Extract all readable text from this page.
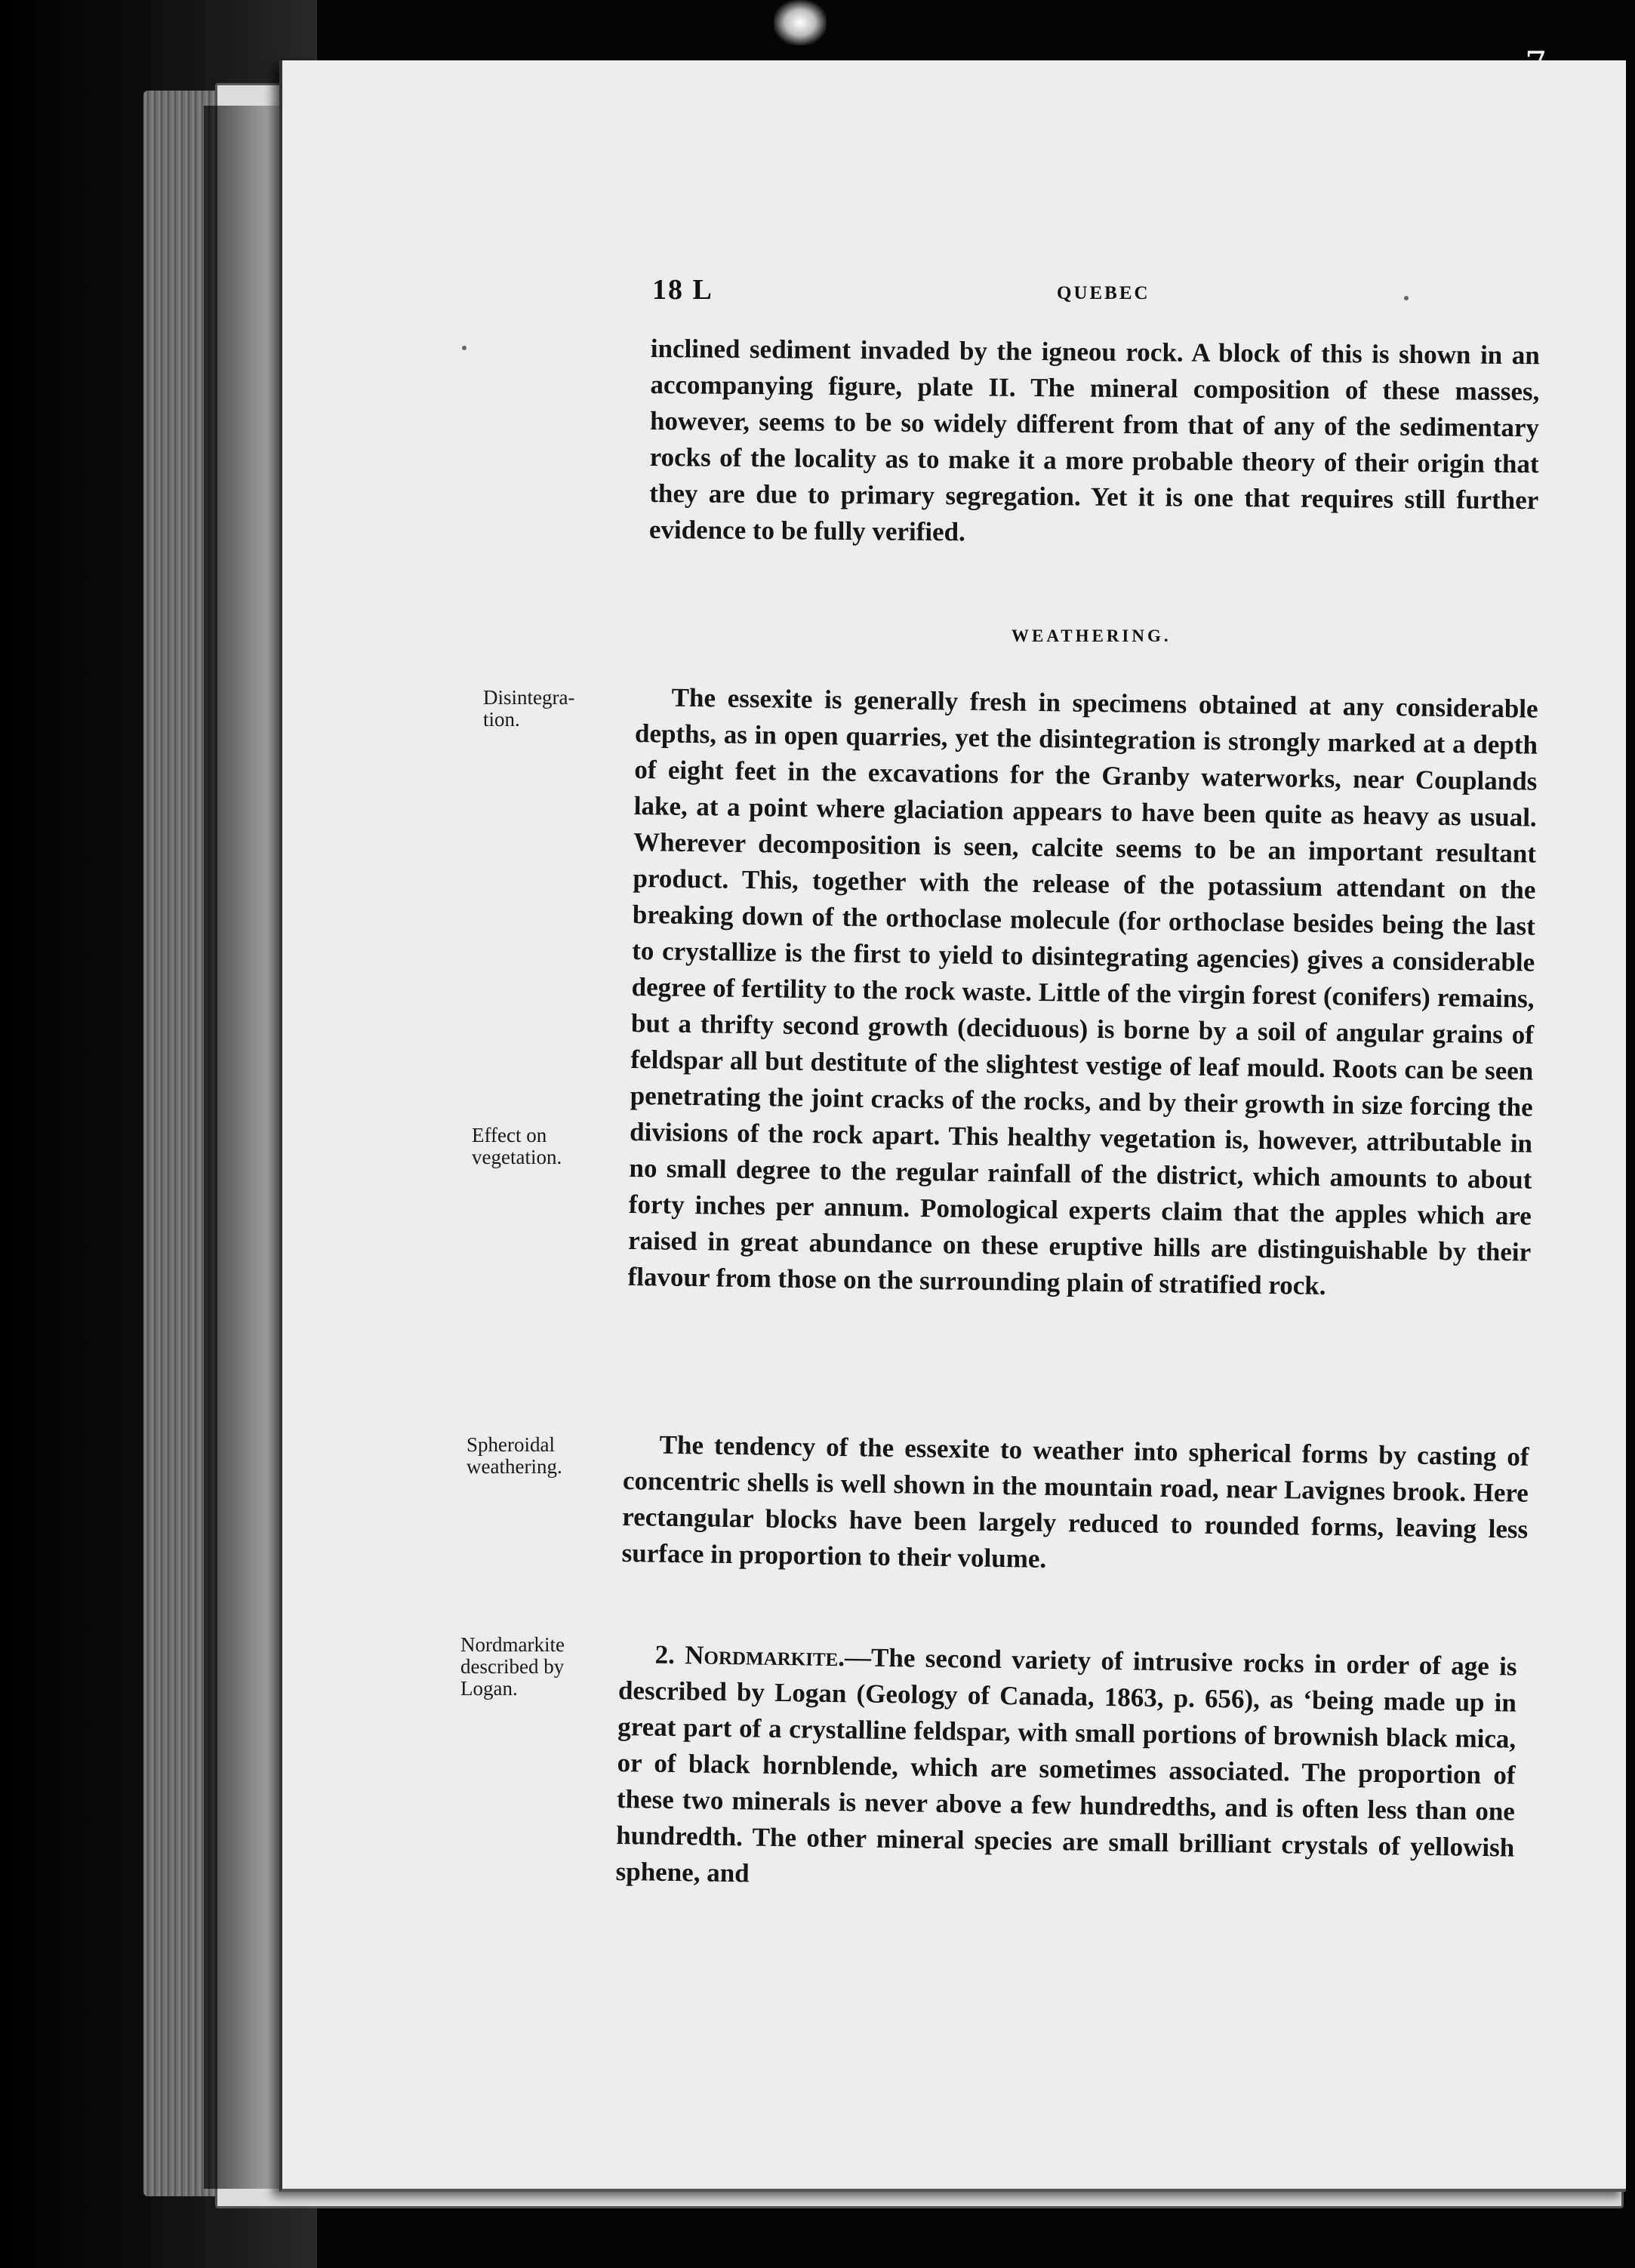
18 L	QUEBEC

inclined sediment invaded by the igneou⁠ rock. A block of this is shown in an accompanying figure, plate II. The mineral composition of these masses, however, seems to be so widely different from that of any of the sedimentary rocks of the locality as to make it a more probable theory of their origin that they are due to primary segregation. Yet it is one that requires still further evidence to be fully verified.

WEATHERING.
Disintegra-
tion.	The essexite is generally fresh in specimens obtained at any considerable depths, as in open quarries, yet the disintegration is strongly marked at a depth of eight feet in the excavations for the Granby waterworks, near Couplands lake, at a point where glaciation appears to have been quite as heavy as usual. Wherever decomposition is seen, calcite seems to be an important resultant product. This, together with the release of the potassium attendant on the breaking down of the orthoclase molecule (for orthoclase besides being the last to crystallize is the first to yield to disintegrating agencies) gives a considerable degree of fertility to the rock waste. Little of the virgin forest (conifers) remains, but a thrifty second growth (deciduous) is borne by a soil of angular grains of feldspar all but destitute of the slightest vestige of leaf mould. Roots can be seen penetrating the joint cracks of the rocks, and by their growth in size forcing the divisions of the rock apart. This healthy vegetation is, however, attributable in no small degree to the regular rainfall of the district, which amounts to about forty inches per annum. Pomological experts claim that the apples which are raised in great abundance on these eruptive hills are distinguishable by their flavour from those on the surrounding plain of stratified rock.

Effect on
vegetation.
Spheroidal
weathering.	The tendency of the essexite to weather into spherical forms by casting of concentric shells is well shown in the mountain road, near Lavignes brook. Here rectangular blocks have been largely reduced to rounded forms, leaving less surface in proportion to their volume.

Nordmarkite
described by
Logan.

2. Nordmarkite.—The second variety of intrusive rocks in order of age is described by Logan (Geology of Canada, 1863, p. 656), as ‘being made up in great part of a crystalline feldspar, with small portions of brownish black mica, or of black hornblende, which are sometimes associated. The proportion of these two minerals is never above a few hundredths, and is often less than one hundredth. The other mineral species are small brilliant crystals of yellowish sphene, and
